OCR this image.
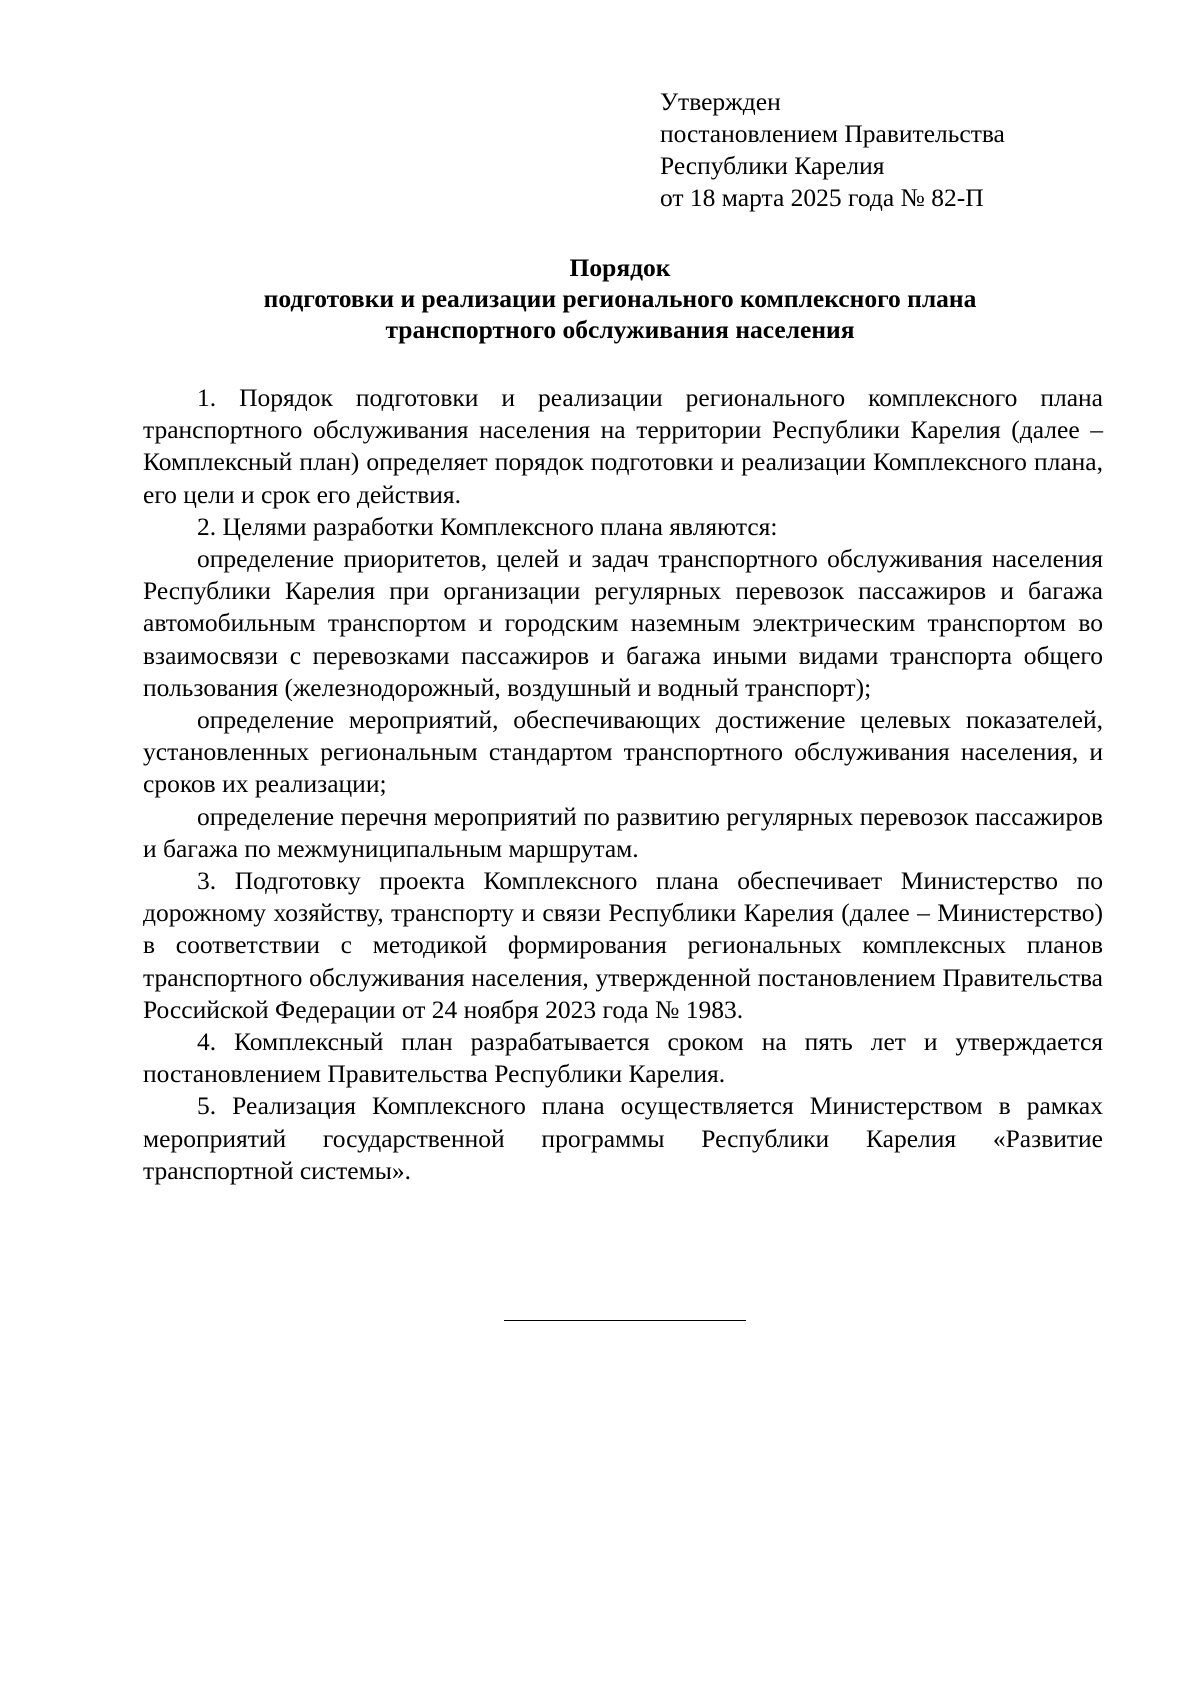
Утвержден
постановлением Правительства
Республики Карелия
от 18 марта 2025 года № 82-П
Порядок
подготовки и реализации регионального комплексного плана
транспортного обслуживания населения

1. Порядок подготовки и реализации регионального комплексного плана транспортного обслуживания населения на территории Республики Карелия (далее – Комплексный план) определяет порядок подготовки и реализации Комплексного плана, его цели и срок его действия.

2. Целями разработки Комплексного плана являются:

определение приоритетов, целей и задач транспортного обслуживания населения Республики Карелия при организации регулярных перевозок пассажиров и багажа автомобильным транспортом и городским наземным электрическим транспортом во взаимосвязи с перевозками пассажиров и багажа иными видами транспорта общего пользования (железнодорожный, воздушный и водный транспорт);

определение мероприятий, обеспечивающих достижение целевых показателей, установленных региональным стандартом транспортного обслуживания населения, и сроков их реализации;

определение перечня мероприятий по развитию регулярных перевозок пассажиров и багажа по межмуниципальным маршрутам.

3. Подготовку проекта Комплексного плана обеспечивает Министерство по дорожному хозяйству, транспорту и связи Республики Карелия (далее – Министерство) в соответствии с методикой формирования региональных комплексных планов транспортного обслуживания населения, утвержденной постановлением Правительства Российской Федерации от 24 ноября 2023 года № 1983.

4. Комплексный план разрабатывается сроком на пять лет и утверждается постановлением Правительства Республики Карелия.

5. Реализация Комплексного плана осуществляется Министерством в рамках мероприятий государственной программы Республики Карелия «Развитие транспортной системы».
